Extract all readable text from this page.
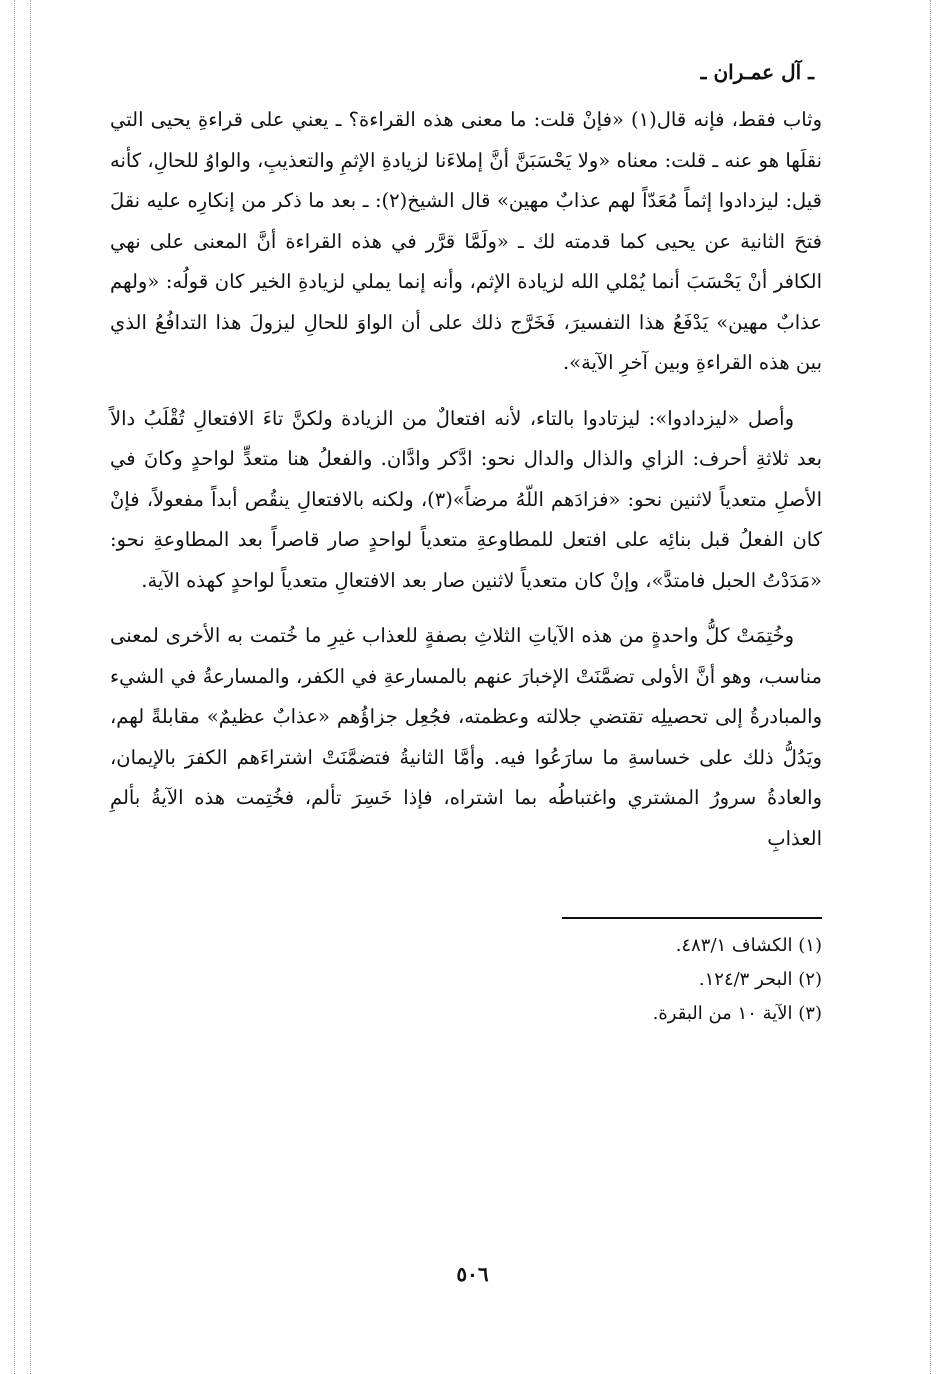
ـ آل عمـران ـ

وثاب فقط، فإنه قال(١) «فإنْ قلت: ما معنى هذه القراءة؟ ـ يعني على قراءةِ يحيى التي نقلَها هو عنه ـ قلت: معناه «ولا يَحْسَبَنَّ أنَّ إملاءَنا لزيادةِ الإثمِ والتعذيبِ، والواوُ للحالِ، كأنه قيل: ليزدادوا إثماً مُعَدّاً لهم عذابٌ مهين» قال الشيخ(٢): ـ بعد ما ذكر من إنكارِه عليه نقلَ فتحَ الثانية عن يحيى كما قدمته لك ـ «ولَمَّا قرَّر في هذه القراءة أنَّ المعنى على نهي الكافر أنْ يَحْسَبَ أنما يُمْلي الله لزيادة الإثم، وأنه إنما يملي لزيادةِ الخير كان قولُه: «ولهم عذابٌ مهين» يَدْفَعُ هذا التفسيرَ، فَخَرَّج ذلك على أن الواوَ للحالِ ليزولَ هذا التدافُعُ الذي بين هذه القراءةِ وبين آخرِ الآية».

وأصل «ليزدادوا»: ليزتادوا بالتاء، لأنه افتعالٌ من الزيادة ولكنَّ تاءَ الافتعالِ تُقْلَبُ دالاً بعد ثلاثةِ أحرف: الزاي والذال والدال نحو: ادَّكر وادَّان. والفعلُ هنا متعدٍّ لواحدٍ وكانَ في الأصلِ متعدياً لاثنين نحو: «فزادَهم اللّهُ مرضاً»(٣)، ولكنه بالافتعالِ ينقُص أبداً مفعولاً، فإنْ كان الفعلُ قبل بنائِه على افتعل للمطاوعةِ متعدياً لواحدٍ صار قاصراً بعد المطاوعةِ نحو: «مَدَدْتُ الحبل فامتدَّ»، وإنْ كان متعدياً لاثنين صار بعد الافتعالِ متعدياً لواحدٍ كهذه الآية.

وخُتِمَتْ كلُّ واحدةٍ من هذه الآياتِ الثلاثِ بصفةٍ للعذاب غيرِ ما خُتمت به الأخرى لمعنى مناسب، وهو أنَّ الأولى تضمَّنَتْ الإخبارَ عنهم بالمسارعةِ في الكفر، والمسارعةُ في الشيء والمبادرةُ إلى تحصيلِه تقتضي جلالته وعظمته، فجُعِل جزاؤُهم «عذابٌ عظيمٌ» مقابلةً لهم، ويَدُلُّ ذلك على خساسةِ ما سارَعُوا فيه. وأمَّا الثانيةُ فتضمَّنَتْ اشتراءَهم الكفرَ بالإيمان، والعادةُ سرورُ المشتري واغتباطُه بما اشتراه، فإذا خَسِرَ تألم، فخُتِمت هذه الآيةُ بألمِ العذابِ

(١) الكشاف ٤٨٣/١.
(٢) البحر ١٢٤/٣.
(٣) الآية ١٠ من البقرة.
٥٠٦
